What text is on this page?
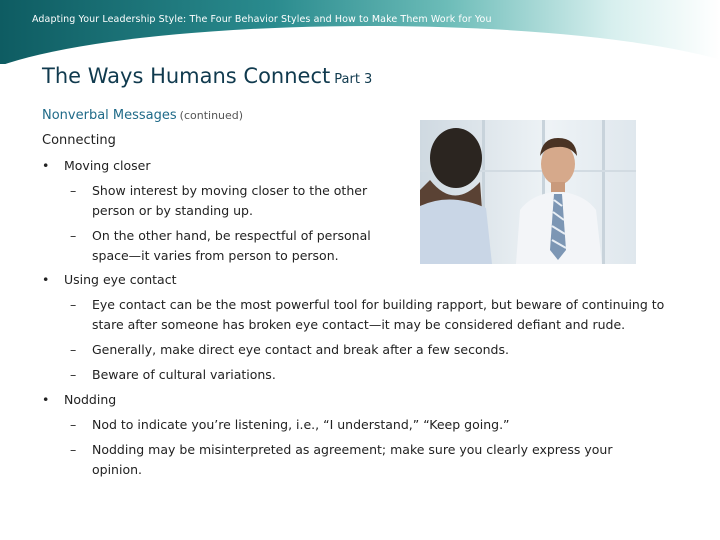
Adapting Your Leadership Style: The Four Behavior Styles and How to Make Them Work for You
The Ways Humans Connect Part 3
Nonverbal Messages (continued)
Connecting
• Moving closer
– Show interest by moving closer to the other person or by standing up.
– On the other hand, be respectful of personal space—it varies from person to person.
• Using eye contact
– Eye contact can be the most powerful tool for building rapport, but beware of continuing to stare after someone has broken eye contact—it may be considered defiant and rude.
– Generally, make direct eye contact and break after a few seconds.
– Beware of cultural variations.
• Nodding
– Nod to indicate you’re listening, i.e., “I understand,” “Keep going.”
– Nodding may be misinterpreted as agreement; make sure you clearly express your opinion.
